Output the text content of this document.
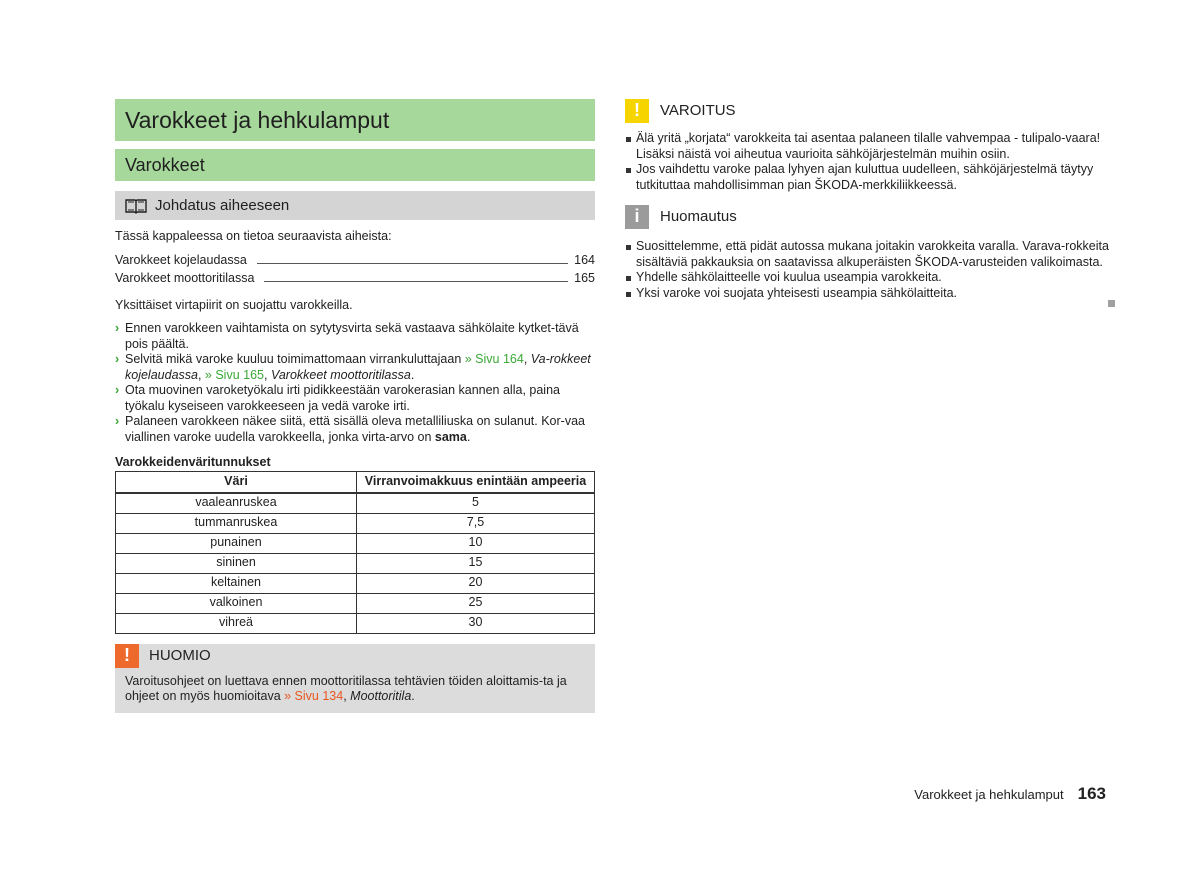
Varokkeet ja hehkulamput
Varokkeet
Johdatus aiheeseen

Tässä kappaleessa on tietoa seuraavista aiheista:

Varokkeet kojelaudassa	164
Varokkeet moottoritilassa	165

Yksittäiset virtapiirit on suojattu varokkeilla.

› Ennen varokkeen vaihtamista on sytytysvirta sekä vastaava sähkölaite kytket-tävä pois päältä.
› Selvitä mikä varoke kuuluu toimimattomaan virrankuluttajaan » Sivu 164, Va-rokkeet kojelaudassa, » Sivu 165, Varokkeet moottoritilassa.
› Ota muovinen varoketyökalu irti pidikkeestään varokerasian kannen alla, paina työkalu kyseiseen varokkeeseen ja vedä varoke irti.
› Palaneen varokkeen näkee siitä, että sisällä oleva metalliliuska on sulanut. Kor-vaa viallinen varoke uudella varokkeella, jonka virta-arvo on sama.
Varokkeidenväritunnukset
Väri	Virranvoimakkuus enintään ampeeria
vaaleanruskea	5
tummanruskea	7,5
punainen	10
sininen	15
keltainen	20
valkoinen	25
vihreä	30
!	HUOMIO
Varoitusohjeet on luettava ennen moottoritilassa tehtävien töiden aloittamis-ta ja ohjeet on myös huomioitava » Sivu 134, Moottoritila.
!	VAROITUS
Älä yritä „korjata“ varokkeita tai asentaa palaneen tilalle vahvempaa - tulipalo-vaara! Lisäksi näistä voi aiheutua vaurioita sähköjärjestelmän muihin osiin.
Jos vaihdettu varoke palaa lyhyen ajan kuluttua uudelleen, sähköjärjestelmä täytyy tutkituttaa mahdollisimman pian ŠKODA-merkkiliikkeessä.
i	Huomautus
Suosittelemme, että pidät autossa mukana joitakin varokkeita varalla. Varava-rokkeita sisältäviä pakkauksia on saatavissa alkuperäisten ŠKODA-varusteiden valikoimasta.
Yhdelle sähkölaitteelle voi kuulua useampia varokkeita.
Yksi varoke voi suojata yhteisesti useampia sähkölaitteita.
Varokkeet ja hehkulamput 163
